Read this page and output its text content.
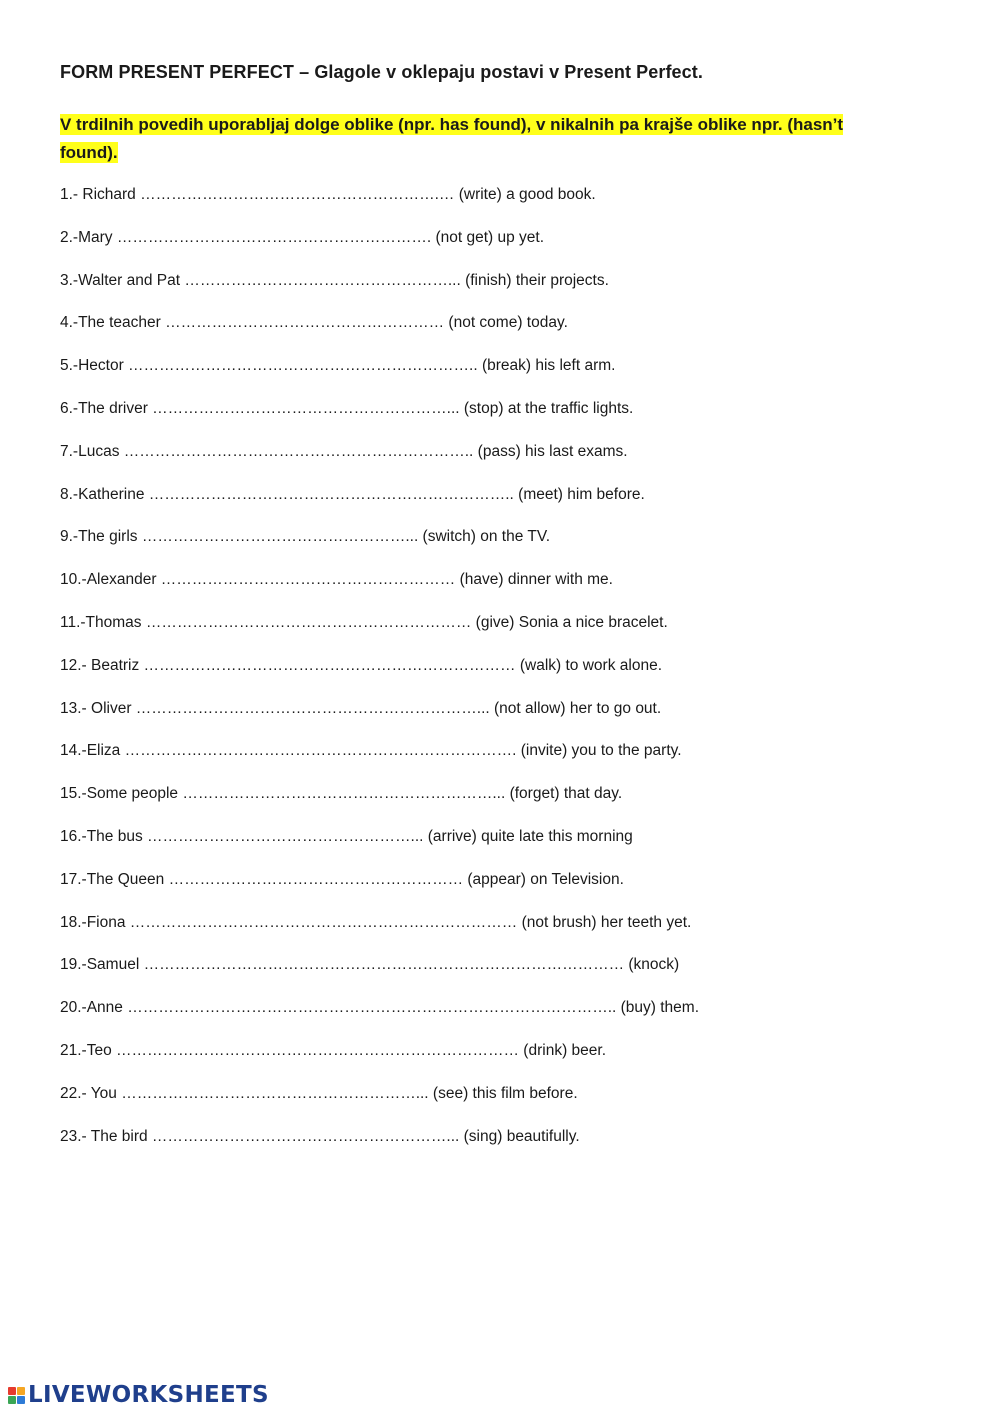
FORM PRESENT PERFECT – Glagole v oklepaju postavi v Present Perfect.
V trdilnih povedih uporabljaj dolge oblike (npr. has found), v nikalnih pa krajše oblike npr. (hasn’t found).
1.- Richard ………………………………………………….… (write) a good book.
2.-Mary ……………………………………………………. (not get) up yet.
3.-Walter and Pat ……………………………………………... (finish) their projects.
4.-The teacher ……………………………………………… (not come) today.
5.-Hector ………………………………………………………….. (break) his left arm.
6.-The driver …………………………………………………... (stop) at the traffic lights.
7.-Lucas ………………………………………………………….. (pass) his last exams.
8.-Katherine …………………………………………………………….. (meet) him before.
9.-The girls ……………………………………………... (switch) on the TV.
10.-Alexander ………………………………………………… (have) dinner with me.
11.-Thomas ……………………………………………………… (give) Sonia a nice bracelet.
12.- Beatriz ……………………………………………………………… (walk) to work alone.
13.- Oliver …………………………………………………………... (not allow) her to go out.
14.-Eliza …………………………………………………………………. (invite) you to the party.
15.-Some people ……………………………………………………... (forget) that day.
16.-The bus ……………………………………………... (arrive) quite late this morning
17.-The Queen ………………………………………………… (appear) on Television.
18.-Fiona ………………………………………………………………… (not brush) her teeth yet.
19.-Samuel ………………………………………………………………………………… (knock)
20.-Anne ………………………………………………………………………………….. (buy) them.
21.-Teo …………………………………………………………………… (drink) beer.
22.- You …………………………………………………... (see) this film before.
23.- The bird …………………………………………………... (sing) beautifully.
LIVEWORKSHEETS
